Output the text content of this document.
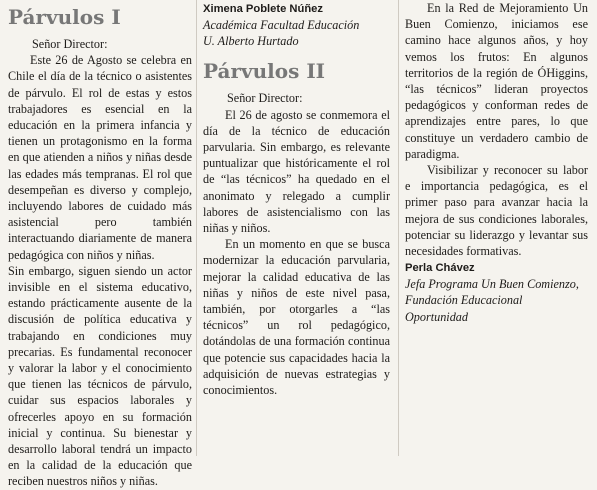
Párvulos I
Señor Director:

Este 26 de Agosto se celebra en Chile el día de la técnico o asistentes de párvulo. El rol de estas y estos trabajadores es esencial en la educación en la primera infancia y tienen un protagonismo en la forma en que atienden a niños y niñas desde las edades más tempranas. El rol que desempeñan es diverso y complejo, incluyendo labores de cuidado más asistencial pero también interactuando diariamente de manera pedagógica con niños y niñas.

Sin embargo, siguen siendo un actor invisible en el sistema educativo, estando prácticamente ausente de la discusión de política educativa y trabajando en condiciones muy precarias. Es fundamental reconocer y valorar la labor y el conocimiento que tienen las técnicos de párvulo, cuidar sus espacios laborales y ofrecerles apoyo en su formación inicial y continua. Su bienestar y desarrollo laboral tendrá un impacto en la calidad de la educación que reciben nuestros niños y niñas.

Ximena Poblete Núñez
Académica Facultad Educación
U. Alberto Hurtado
Párvulos II
Señor Director:

El 26 de agosto se conmemora el día de la técnico de educación parvularia. Sin embargo, es relevante puntualizar que históricamente el rol de “las técnicos” ha quedado en el anonimato y relegado a cumplir labores de asistencialismo con las niñas y niños.

En un momento en que se busca modernizar la educación parvularia, mejorar la calidad educativa de las niñas y niños de este nivel pasa, también, por otorgarles a “las técnicos” un rol pedagógico, dotándolas de una formación continua que potencie sus capacidades hacia la adquisición de nuevas estrategias y conocimientos.

En la Red de Mejoramiento Un Buen Comienzo, iniciamos ese camino hace algunos años, y hoy vemos los frutos: En algunos territorios de la región de ÓHiggins, “las técnicos” lideran proyectos pedagógicos y conforman redes de aprendizajes entre pares, lo que constituye un verdadero cambio de paradigma.

Visibilizar y reconocer su labor e importancia pedagógica, es el primer paso para avanzar hacia la mejora de sus condiciones laborales, potenciar su liderazgo y levantar sus necesidades formativas.

Perla Chávez
Jefa Programa Un Buen Comienzo, Fundación Educacional Oportunidad
